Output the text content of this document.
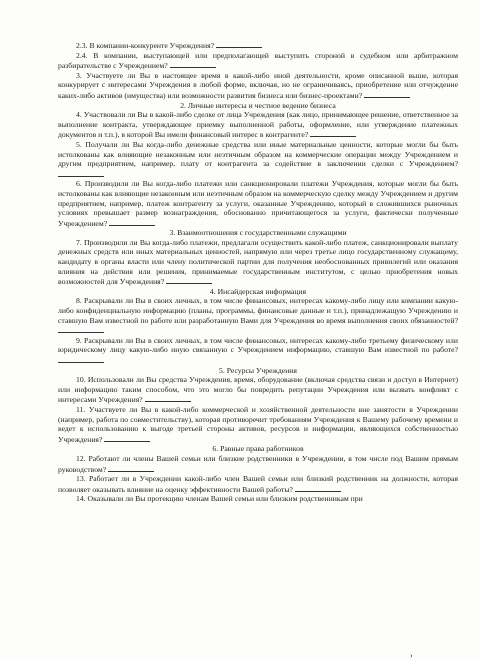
2.3. В компании-конкуренте Учреждения?

2.4. В компании, выступающей или предполагающей выступить стороной в судебном или арбитражном разбирательстве с Учреждением?

3. Участвуете ли Вы в настоящее время в какой-либо иной деятельности, кроме описанной выше, которая конкурирует с интересами Учреждения в любой форме, включая, но не ограничиваясь, приобретение или отчуждение каких-либо активов (имущества) или возможности развития бизнеса или бизнес-проектами?

2. Личные интересы и честное ведение бизнеса

4. Участвовали ли Вы в какой-либо сделке от лица Учреждения (как лицо, принимающее решение, ответственное за выполнение контракта, утверждающее приемку выполненной работы, оформление, или утверждение платежных документов и т.п.), в которой Вы имели финансовый интерес в контрагенте?

5. Получали ли Вы когда-либо денежные средства или иные материальные ценности, которые могли бы быть истолкованы как влияющие незаконным или неэтичным образом на коммерческие операции между Учреждением и другим предприятием, например, плату от контрагента за содействие в заключении сделки с Учреждением?

6. Производили ли Вы когда-либо платежи или санкционировали платежи Учреждения, которые могли бы быть истолкованы как влияющие незаконным или неэтичным образом на коммерческую сделку между Учреждением и другим предприятием, например, платеж контрагенту за услуги, оказанные Учреждению, который в сложившихся рыночных условиях превышает размер вознаграждения, обоснованно причитающегося за услуги, фактически полученные Учреждением?

3. Взаимоотношения с государственными служащими

7. Производили ли Вы когда-либо платежи, предлагали осуществить какой-либо платеж, санкционировали выплату денежных средств или иных материальных ценностей, напрямую или через третье лицо государственному служащему, кандидату в органы власти или члену политической партии для получения необоснованных привилегий или оказания влияния на действия или решения, принимаемые государственным институтом, с целью приобретения новых возможностей для Учреждения?

4. Инсайдерская информация

8. Раскрывали ли Вы в своих личных, в том числе финансовых, интересах какому-либо лицу или компании какую-либо конфиденциальную информацию (планы, программы, финансовые данные и т.п.), принадлежащую Учреждению и ставшую Вам известной по работе или разработанную Вами для Учреждения во время выполнения своих обязанностей?

9. Раскрывали ли Вы в своих личных, в том числе финансовых, интересах какому-либо третьему физическому или юридическому лицу какую-либо иную связанную с Учреждением информацию, ставшую Вам известной по работе?

5. Ресурсы Учреждения

10. Использовали ли Вы средства Учреждения, время, оборудование (включая средства связи и доступ в Интернет) или информацию таким способом, что это могло бы повредить репутации Учреждения или вызвать конфликт с интересами Учреждения?

11. Участвуете ли Вы в какой-либо коммерческой и хозяйственной деятельности вне занятости в Учреждении (например, работа по совместительству), которая противоречит требованиям Учреждения к Вашему рабочему времени и ведет к использованию к выгоде третьей стороны активов, ресурсов и информации, являющихся собственностью Учреждения?

6. Равные права работников

12. Работают ли члены Вашей семьи или близкие родственники в Учреждении, в том числе под Вашим прямым руководством?

13. Работает ли в Учреждении какой-либо член Вашей семьи или близкий родственник на должности, которая позволяет оказывать влияние на оценку эффективности Вашей работы?

14. Оказывали ли Вы протекцию членам Вашей семьи или близким родственникам при

›
